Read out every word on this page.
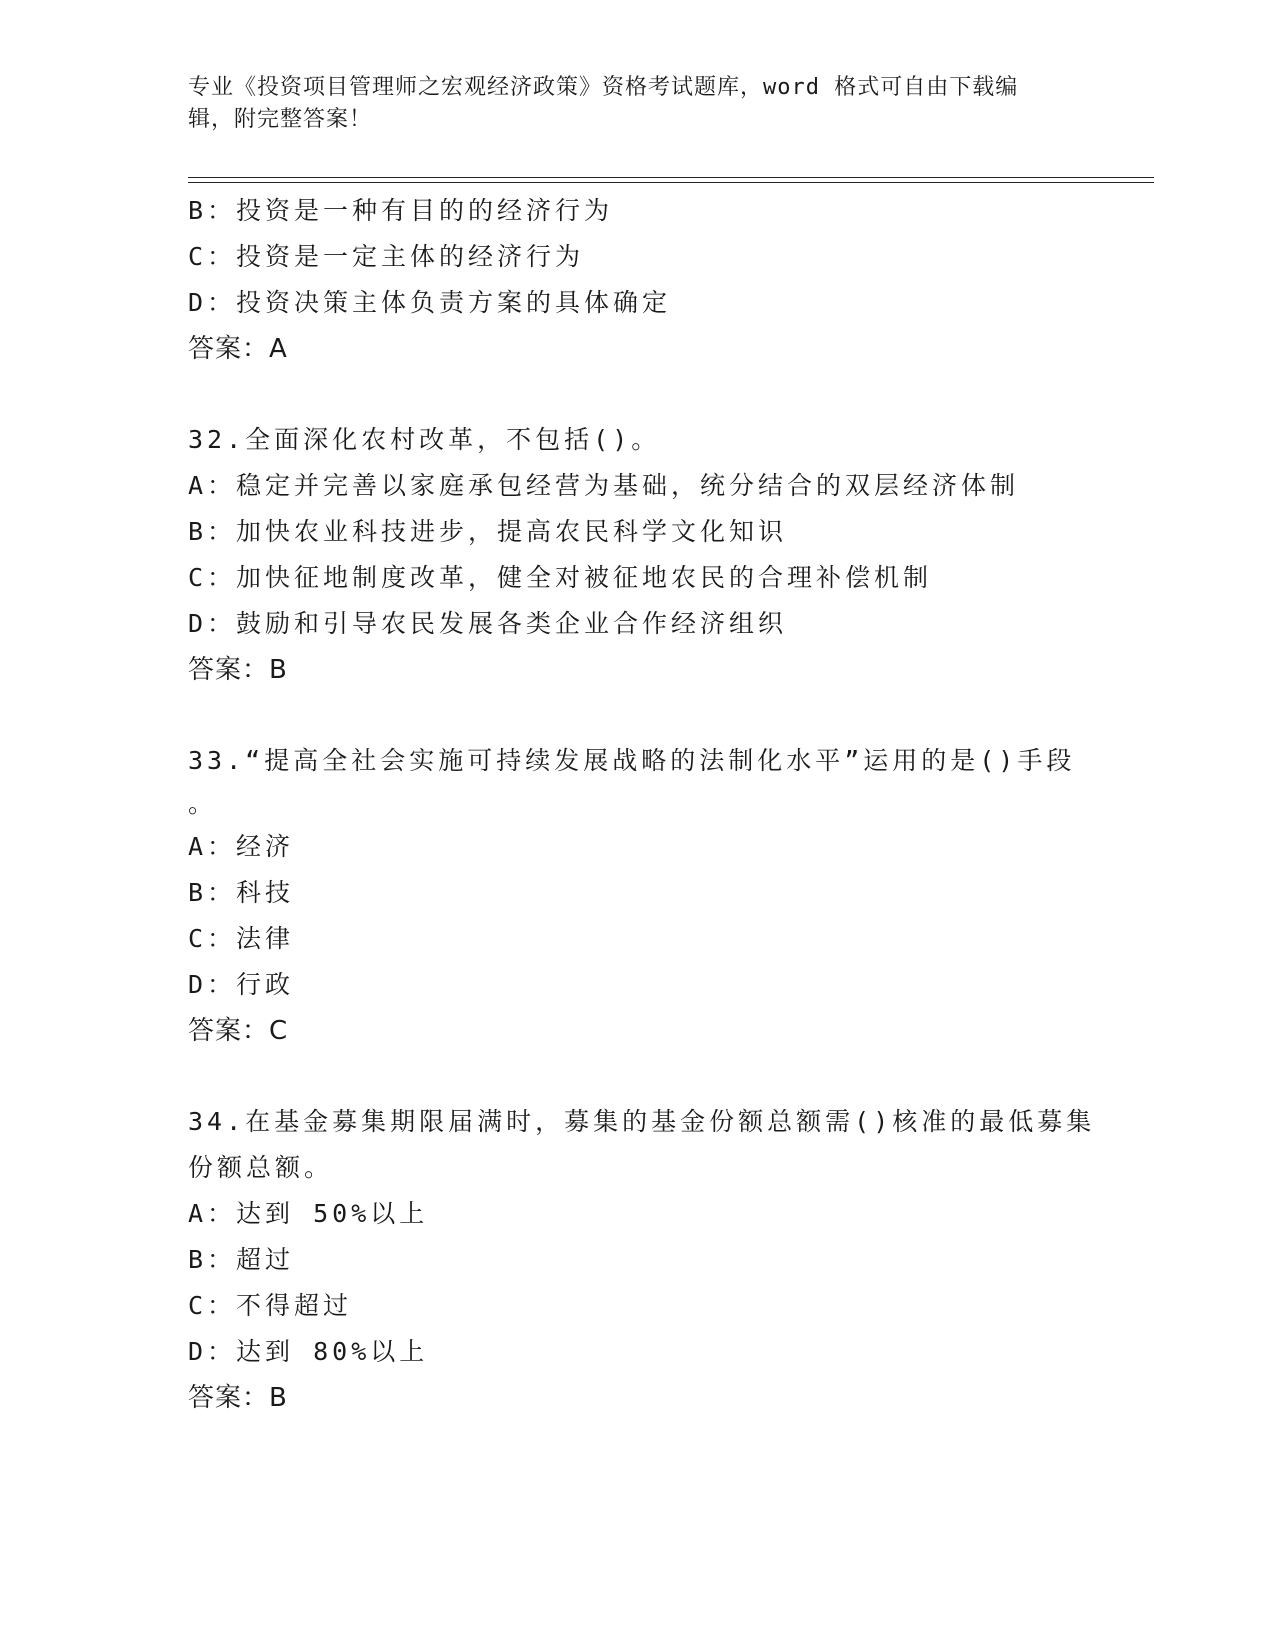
专业《投资项目管理师之宏观经济政策》资格考试题库，word 格式可自由下载编
辑，附完整答案！
B：投资是一种有目的的经济行为
C：投资是一定主体的经济行为
D：投资决策主体负责方案的具体确定
答案：A
32.全面深化农村改革，不包括()。
A：稳定并完善以家庭承包经营为基础，统分结合的双层经济体制
B：加快农业科技进步，提高农民科学文化知识
C：加快征地制度改革，健全对被征地农民的合理补偿机制
D：鼓励和引导农民发展各类企业合作经济组织
答案：B
33.“提高全社会实施可持续发展战略的法制化水平”运用的是()手段
。
A：经济
B：科技
C：法律
D：行政
答案：C
34.在基金募集期限届满时，募集的基金份额总额需()核准的最低募集
份额总额。
A：达到 50%以上
B：超过
C：不得超过
D：达到 80%以上
答案：B
